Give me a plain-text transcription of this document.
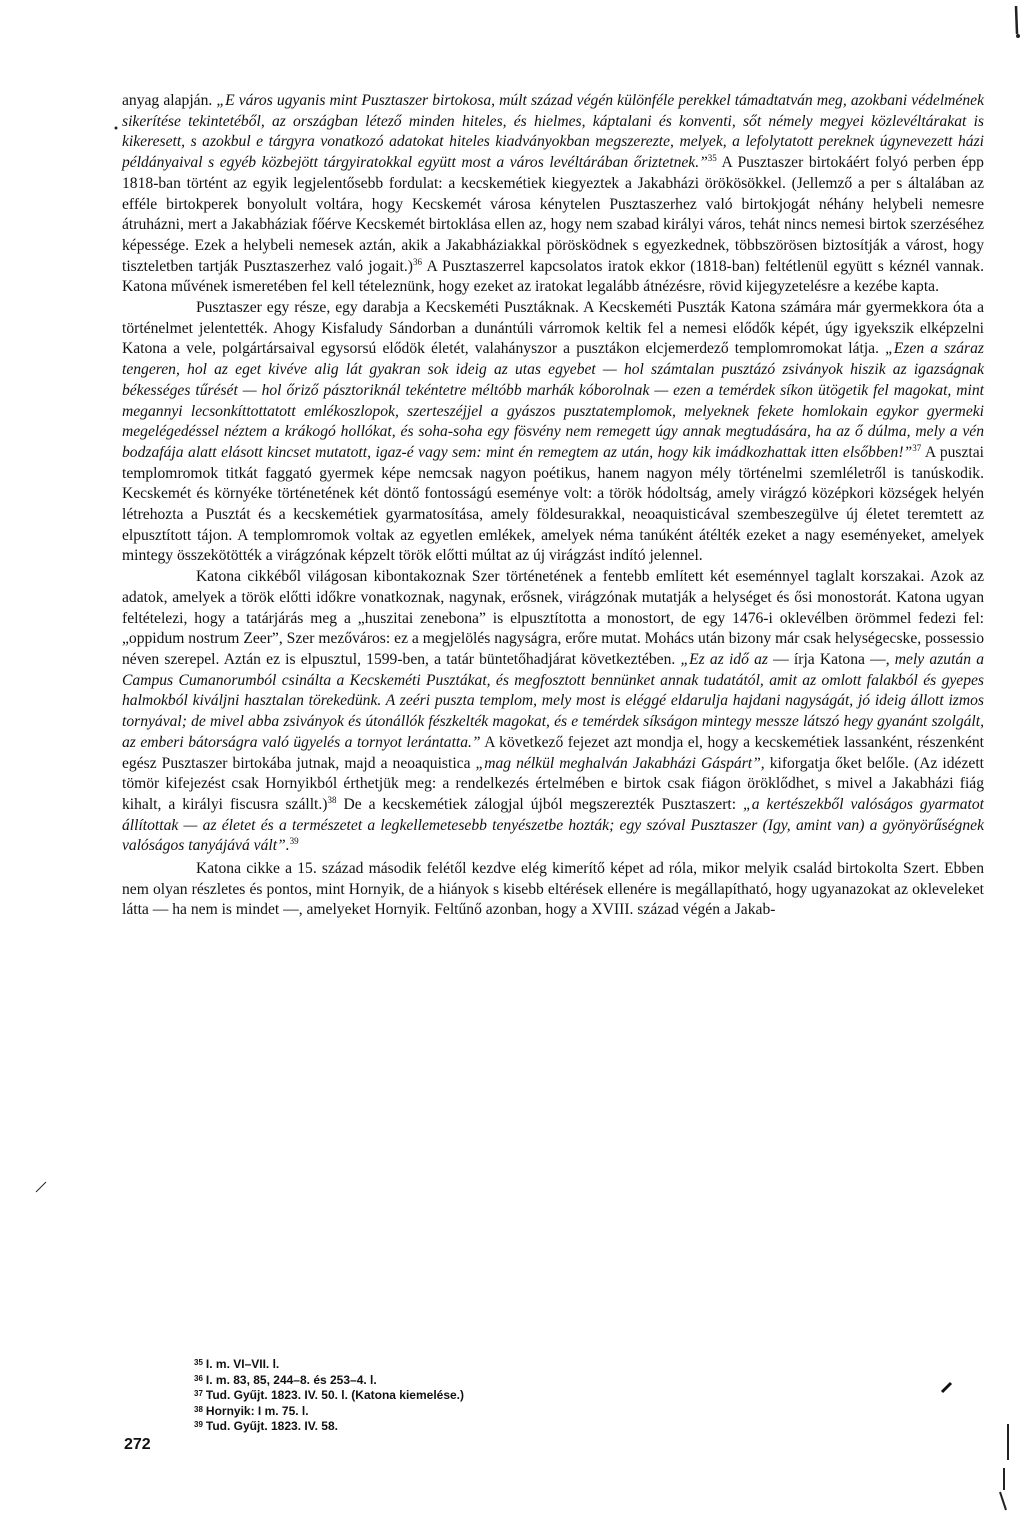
anyag alapján. „E város ugyanis mint Pusztaszer birtokosa, múlt század végén különféle perekkel támadtatván meg, azokbani védelmének sikerítése tekintetéből, az országban létező minden hiteles, és hielmes, káptalani és konventi, sőt némely megyei közlevéltárakat is kikeresett, s azokbul e tárgyra vonatkozó adatokat hiteles kiadványokban megszerezte, melyek, a lefolytatott pereknek úgynevezett házi példányaival s egyéb közbejött tárgyiratokkal együtt most a város levéltárában őriztetnek.”$^{35}$ A Pusztaszer birtokáért folyó perben épp 1818-ban történt az egyik legjelentősebb fordulat: a kecskemétiek kiegyeztek a Jakabházi örökösökkel. (Jellemző a per s általában az efféle birtokperek bonyolult voltára, hogy Kecskemét városa kénytelen Pusztaszerhez való birtokjogát néhány helybeli nemesre átruházni, mert a Jakabháziak főérve Kecskemét birtoklása ellen az, hogy nem szabad királyi város, tehát nincs nemesi birtok szerzéséhez képessége. Ezek a helybeli nemesek aztán, akik a Jakabháziakkal pörösködnek s egyezkednek, többszörösen biztosítják a várost, hogy tiszteletben tartják Pusztaszerhez való jogait.)$^{36}$ A Pusztaszerrel kapcsolatos iratok ekkor (1818-ban) feltétlenül együtt s kéznél vannak. Katona művének ismeretében fel kell tételeznünk, hogy ezeket az iratokat legalább átnézésre, rövid kijegyzetelésre a kezébe kapta.

Pusztaszer egy része, egy darabja a Kecskeméti Pusztáknak. A Kecskeméti Puszták Katona számára már gyermekkora óta a történelmet jelentették. Ahogy Kisfaludy Sándorban a dunántúli várromok keltik fel a nemesi elődők képét, úgy igyekszik elképzelni Katona a vele, polgártársaival egysorsú elődök életét, valahányszor a pusztákon elcjemerdező templomromokat látja. „Ezen a száraz tengeren, hol az eget kivéve alig lát gyakran sok ideig az utas egyebet — hol számtalan pusztázó zsiványok hiszik az igazságnak békességes tűrését — hol őriző pásztoriknál tekéntetre méltóbb marhák kóborolnak — ezen a temérdek síkon ütögetik fel magokat, mint megannyi lecsonkíttottatott emlékoszlopok, szerteszéjjel a gyászos pusztatemplomok, melyeknek fekete homlokain egykor gyermeki megelégedéssel néztem a krákogó hollókat, és soha-soha egy fösvény nem remegett úgy annak megtudására, ha az ő dúlma, mely a vén bodzafája alatt elásott kincset mutatott, igaz-é vagy sem: mint én remegtem az után, hogy kik imádkozhattak itten elsőbben!”$^{37}$ A pusztai templomromok titkát faggató gyermek képe nemcsak nagyon poétikus, hanem nagyon mély történelmi szemléletről is tanúskodik. Kecskemét és környéke történetének két döntő fontosságú eseménye volt: a török hódoltság, amely virágzó középkori községek helyén létrehozta a Pusztát és a kecskemétiek gyarmatosítása, amely földesurakkal, neoaquisticával szembeszegülve új életet teremtett az elpusztított tájon. A templomromok voltak az egyetlen emlékek, amelyek néma tanúként átélték ezeket a nagy eseményeket, amelyek mintegy összekötötték a virágzónak képzelt török előtti múltat az új virágzást indító jelennel.

Katona cikkéből világosan kibontakoznak Szer történetének a fentebb említett két eseménnyel taglalt korszakai. Azok az adatok, amelyek a török előtti időkre vonatkoznak, nagynak, erősnek, virágzónak mutatják a helységet és ősi monostorát. Katona ugyan feltételezi, hogy a tatárjárás meg a „huszitai zenebona” is elpusztította a monostort, de egy 1476-i oklevélben örömmel fedezi fel: „oppidum nostrum Zeer”, Szer mezőváros: ez a megjelölés nagyságra, erőre mutat. Mohács után bizony már csak helységecske, possessio néven szerepel. Aztán ez is elpusztul, 1599-ben, a tatár büntetőhadjárat következtében. „Ez az idő az — írja Katona —, mely azután a Campus Cumanorumból csinálta a Kecskeméti Pusztákat, és megfosztott bennünket annak tudatától, amit az omlott falakból és gyepes halmokból kiváljni hasztalan törekedünk. A zeéri puszta templom, mely most is eléggé eldarulja hajdani nagyságát, jó ideig állott izmos tornyával; de mivel abba zsiványok és útonállók fészkelték magokat, és e temérdek síkságon mintegy messze látszó hegy gyanánt szolgált, az emberi bátorságra való ügyelés a tornyot lerántatta.” A következő fejezet azt mondja el, hogy a kecskemétiek lassanként, részenként egész Pusztaszer birtokába jutnak, majd a neoaquistica „mag nélkül meghalván Jakabházi Gáspárt”, kiforgatja őket belőle. (Az idézett tömör kifejezést csak Hornyikból érthetjük meg: a rendelkezés értelmében e birtok csak fiágon öröklődhet, s mivel a Jakabházi fiág kihalt, a királyi fiscusra szállt.)$^{38}$ De a kecskemétiek zálogjal újból megszerezték Pusztaszert: „a kertészekből valóságos gyarmatot állítottak — az életet és a természetet a legkellemetesebb tenyészetbe hozták; egy szóval Pusztaszer (Igy, amint van) a gyönyörűségnek valóságos tanyájává vált”.$^{39}$

Katona cikke a 15. század második felétől kezdve elég kimerítő képet ad róla, mikor melyik család birtokolta Szert. Ebben nem olyan részletes és pontos, mint Hornyik, de a hiányok s kisebb eltérések ellenére is megállapítható, hogy ugyanazokat az okleveleket látta — ha nem is mindet —, amelyeket Hornyik. Feltűnő azonban, hogy a XVIII. század végén a Jakab-

$^{35}$ I. m. VI–VII. l.
$^{36}$ I. m. 83, 85, 244–8. és 253–4. l.
$^{37}$ Tud. Gyűjt. 1823. IV. 50. l. (Katona kiemelése.)
$^{38}$ Hornyik: I m. 75. l.
$^{39}$ Tud. Gyűjt. 1823. IV. 58.
272
